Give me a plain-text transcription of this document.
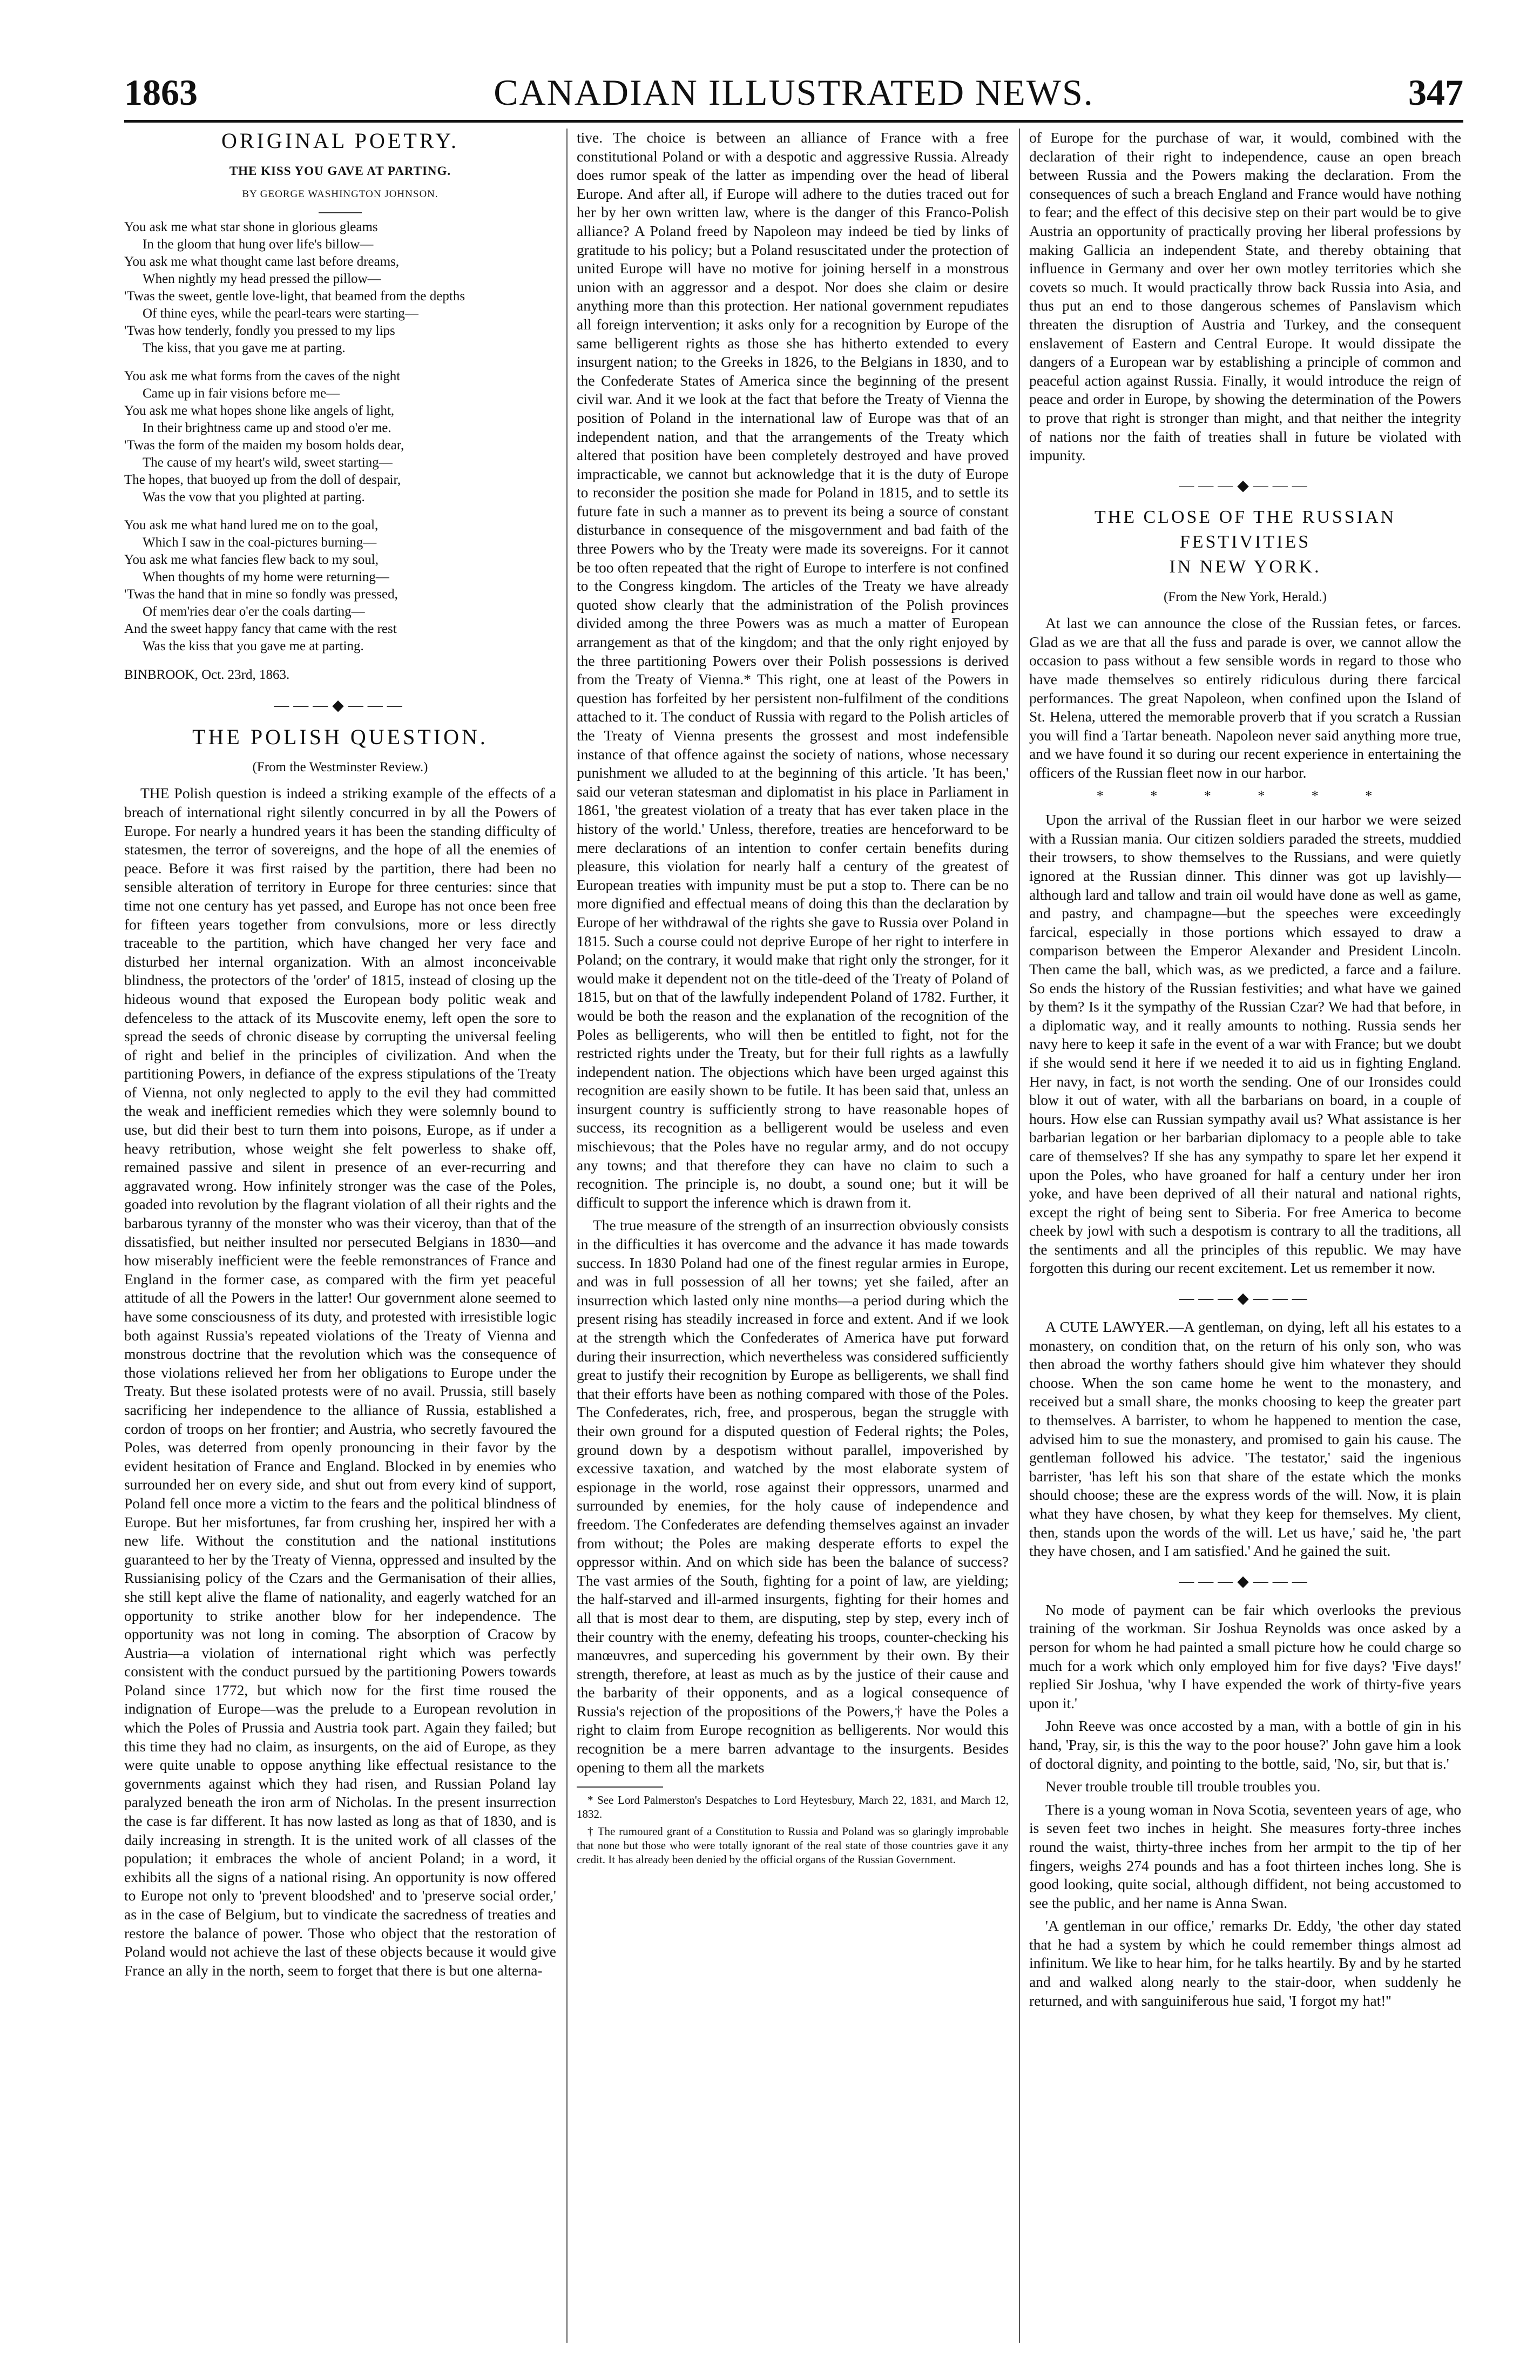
1863	CANADIAN ILLUSTRATED NEWS.	347
ORIGINAL POETRY.
THE KISS YOU GAVE AT PARTING.
BY GEORGE WASHINGTON JOHNSON.
You ask me what star shone in glorious gleams
In the gloom that hung over life's billow—
You ask me what thought came last before dreams,
When nightly my head pressed the pillow—
'Twas the sweet, gentle love-light, that beamed from the depths
Of thine eyes, while the pearl-tears were starting—
'Twas how tenderly, fondly you pressed to my lips
The kiss, that you gave me at parting.
You ask me what forms from the caves of the night
Came up in fair visions before me—
You ask me what hopes shone like angels of light,
In their brightness came up and stood o'er me.
'Twas the form of the maiden my bosom holds dear,
The cause of my heart's wild, sweet starting—
The hopes, that buoyed up from the doll of despair,
Was the vow that you plighted at parting.
You ask me what hand lured me on to the goal,
Which I saw in the coal-pictures burning—
You ask me what fancies flew back to my soul,
When thoughts of my home were returning—
'Twas the hand that in mine so fondly was pressed,
Of mem'ries dear o'er the coals darting—
And the sweet happy fancy that came with the rest
Was the kiss that you gave me at parting.
BINBROOK, Oct. 23rd, 1863.
———◆———
THE POLISH QUESTION.
(From the Westminster Review.)

THE Polish question is indeed a striking example of the effects of a breach of international right silently concurred in by all the Powers of Europe. For nearly a hundred years it has been the standing difficulty of statesmen, the terror of sovereigns, and the hope of all the enemies of peace. Before it was first raised by the partition, there had been no sensible alteration of territory in Europe for three centuries: since that time not one century has yet passed, and Europe has not once been free for fifteen years together from convulsions, more or less directly traceable to the partition, which have changed her very face and disturbed her internal organization. With an almost inconceivable blindness, the protectors of the 'order' of 1815, instead of closing up the hideous wound that exposed the European body politic weak and defenceless to the attack of its Muscovite enemy, left open the sore to spread the seeds of chronic disease by corrupting the universal feeling of right and belief in the principles of civilization. And when the partitioning Powers, in defiance of the express stipulations of the Treaty of Vienna, not only neglected to apply to the evil they had committed the weak and inefficient remedies which they were solemnly bound to use, but did their best to turn them into poisons, Europe, as if under a heavy retribution, whose weight she felt powerless to shake off, remained passive and silent in presence of an ever-recurring and aggravated wrong. How infinitely stronger was the case of the Poles, goaded into revolution by the flagrant violation of all their rights and the barbarous tyranny of the monster who was their viceroy, than that of the dissatisfied, but neither insulted nor persecuted Belgians in 1830—and how miserably inefficient were the feeble remonstrances of France and England in the former case, as compared with the firm yet peaceful attitude of all the Powers in the latter! Our government alone seemed to have some consciousness of its duty, and protested with irresistible logic both against Russia's repeated violations of the Treaty of Vienna and monstrous doctrine that the revolution which was the consequence of those violations relieved her from her obligations to Europe under the Treaty. But these isolated protests were of no avail. Prussia, still basely sacrificing her independence to the alliance of Russia, established a cordon of troops on her frontier; and Austria, who secretly favoured the Poles, was deterred from openly pronouncing in their favor by the evident hesitation of France and England. Blocked in by enemies who surrounded her on every side, and shut out from every kind of support, Poland fell once more a victim to the fears and the political blindness of Europe. But her misfortunes, far from crushing her, inspired her with a new life. Without the constitution and the national institutions guaranteed to her by the Treaty of Vienna, oppressed and insulted by the Russianising policy of the Czars and the Germanisation of their allies, she still kept alive the flame of nationality, and eagerly watched for an opportunity to strike another blow for her independence. The opportunity was not long in coming. The absorption of Cracow by Austria—a violation of international right which was perfectly consistent with the conduct pursued by the partitioning Powers towards Poland since 1772, but which now for the first time roused the indignation of Europe—was the prelude to a European revolution in which the Poles of Prussia and Austria took part. Again they failed; but this time they had no claim, as insurgents, on the aid of Europe, as they were quite unable to oppose anything like effectual resistance to the governments against which they had risen, and Russian Poland lay paralyzed beneath the iron arm of Nicholas. In the present insurrection the case is far different. It has now lasted as long as that of 1830, and is daily increasing in strength. It is the united work of all classes of the population; it embraces the whole of ancient Poland; in a word, it exhibits all the signs of a national rising. An opportunity is now offered to Europe not only to 'prevent bloodshed' and to 'preserve social order,' as in the case of Belgium, but to vindicate the sacredness of treaties and restore the balance of power. Those who object that the restoration of Poland would not achieve the last of these objects because it would give France an ally in the north, seem to forget that there is but one alterna-

tive. The choice is between an alliance of France with a free constitutional Poland or with a despotic and aggressive Russia. Already does rumor speak of the latter as impending over the head of liberal Europe. And after all, if Europe will adhere to the duties traced out for her by her own written law, where is the danger of this Franco-Polish alliance? A Poland freed by Napoleon may indeed be tied by links of gratitude to his policy; but a Poland resuscitated under the protection of united Europe will have no motive for joining herself in a monstrous union with an aggressor and a despot. Nor does she claim or desire anything more than this protection. Her national government repudiates all foreign intervention; it asks only for a recognition by Europe of the same belligerent rights as those she has hitherto extended to every insurgent nation; to the Greeks in 1826, to the Belgians in 1830, and to the Confederate States of America since the beginning of the present civil war. And it we look at the fact that before the Treaty of Vienna the position of Poland in the international law of Europe was that of an independent nation, and that the arrangements of the Treaty which altered that position have been completely destroyed and have proved impracticable, we cannot but acknowledge that it is the duty of Europe to reconsider the position she made for Poland in 1815, and to settle its future fate in such a manner as to prevent its being a source of constant disturbance in consequence of the misgovernment and bad faith of the three Powers who by the Treaty were made its sovereigns. For it cannot be too often repeated that the right of Europe to interfere is not confined to the Congress kingdom. The articles of the Treaty we have already quoted show clearly that the administration of the Polish provinces divided among the three Powers was as much a matter of European arrangement as that of the kingdom; and that the only right enjoyed by the three partitioning Powers over their Polish possessions is derived from the Treaty of Vienna.* This right, one at least of the Powers in question has forfeited by her persistent non-fulfilment of the conditions attached to it. The conduct of Russia with regard to the Polish articles of the Treaty of Vienna presents the grossest and most indefensible instance of that offence against the society of nations, whose necessary punishment we alluded to at the beginning of this article. 'It has been,' said our veteran statesman and diplomatist in his place in Parliament in 1861, 'the greatest violation of a treaty that has ever taken place in the history of the world.' Unless, therefore, treaties are henceforward to be mere declarations of an intention to confer certain benefits during pleasure, this violation for nearly half a century of the greatest of European treaties with impunity must be put a stop to. There can be no more dignified and effectual means of doing this than the declaration by Europe of her withdrawal of the rights she gave to Russia over Poland in 1815. Such a course could not deprive Europe of her right to interfere in Poland; on the contrary, it would make that right only the stronger, for it would make it dependent not on the title-deed of the Treaty of Poland of 1815, but on that of the lawfully independent Poland of 1782. Further, it would be both the reason and the explanation of the recognition of the Poles as belligerents, who will then be entitled to fight, not for the restricted rights under the Treaty, but for their full rights as a lawfully independent nation. The objections which have been urged against this recognition are easily shown to be futile. It has been said that, unless an insurgent country is sufficiently strong to have reasonable hopes of success, its recognition as a belligerent would be useless and even mischievous; that the Poles have no regular army, and do not occupy any towns; and that therefore they can have no claim to such a recognition. The principle is, no doubt, a sound one; but it will be difficult to support the inference which is drawn from it.

The true measure of the strength of an insurrection obviously consists in the difficulties it has overcome and the advance it has made towards success. In 1830 Poland had one of the finest regular armies in Europe, and was in full possession of all her towns; yet she failed, after an insurrection which lasted only nine months—a period during which the present rising has steadily increased in force and extent. And if we look at the strength which the Confederates of America have put forward during their insurrection, which nevertheless was considered sufficiently great to justify their recognition by Europe as belligerents, we shall find that their efforts have been as nothing compared with those of the Poles. The Confederates, rich, free, and prosperous, began the struggle with their own ground for a disputed question of Federal rights; the Poles, ground down by a despotism without parallel, impoverished by excessive taxation, and watched by the most elaborate system of espionage in the world, rose against their oppressors, unarmed and surrounded by enemies, for the holy cause of independence and freedom. The Confederates are defending themselves against an invader from without; the Poles are making desperate efforts to expel the oppressor within. And on which side has been the balance of success? The vast armies of the South, fighting for a point of law, are yielding; the half-starved and ill-armed insurgents, fighting for their homes and all that is most dear to them, are disputing, step by step, every inch of their country with the enemy, defeating his troops, counter-checking his manœuvres, and superceding his government by their own. By their strength, therefore, at least as much as by the justice of their cause and the barbarity of their opponents, and as a logical consequence of Russia's rejection of the propositions of the Powers,† have the Poles a right to claim from Europe recognition as belligerents. Nor would this recognition be a mere barren advantage to the insurgents. Besides opening to them all the markets

* See Lord Palmerston's Despatches to Lord Heytesbury, March 22, 1831, and March 12, 1832.

† The rumoured grant of a Constitution to Russia and Poland was so glaringly improbable that none but those who were totally ignorant of the real state of those countries gave it any credit. It has already been denied by the official organs of the Russian Government.

of Europe for the purchase of war, it would, combined with the declaration of their right to independence, cause an open breach between Russia and the Powers making the declaration. From the consequences of such a breach England and France would have nothing to fear; and the effect of this decisive step on their part would be to give Austria an opportunity of practically proving her liberal professions by making Gallicia an independent State, and thereby obtaining that influence in Germany and over her own motley territories which she covets so much. It would practically throw back Russia into Asia, and thus put an end to those dangerous schemes of Panslavism which threaten the disruption of Austria and Turkey, and the consequent enslavement of Eastern and Central Europe. It would dissipate the dangers of a European war by establishing a principle of common and peaceful action against Russia. Finally, it would introduce the reign of peace and order in Europe, by showing the determination of the Powers to prove that right is stronger than might, and that neither the integrity of nations nor the faith of treaties shall in future be violated with impunity.

———◆———
THE CLOSE OF THE RUSSIAN FESTIVITIES
IN NEW YORK.
(From the New York, Herald.)

At last we can announce the close of the Russian fetes, or farces. Glad as we are that all the fuss and parade is over, we cannot allow the occasion to pass without a few sensible words in regard to those who have made themselves so entirely ridiculous during there farcical performances. The great Napoleon, when confined upon the Island of St. Helena, uttered the memorable proverb that if you scratch a Russian you will find a Tartar beneath. Napoleon never said anything more true, and we have found it so during our recent experience in entertaining the officers of the Russian fleet now in our harbor.

* * * * * *

Upon the arrival of the Russian fleet in our harbor we were seized with a Russian mania. Our citizen soldiers paraded the streets, muddied their trowsers, to show themselves to the Russians, and were quietly ignored at the Russian dinner. This dinner was got up lavishly—although lard and tallow and train oil would have done as well as game, and pastry, and champagne—but the speeches were exceedingly farcical, especially in those portions which essayed to draw a comparison between the Emperor Alexander and President Lincoln. Then came the ball, which was, as we predicted, a farce and a failure. So ends the history of the Russian festivities; and what have we gained by them? Is it the sympathy of the Russian Czar? We had that before, in a diplomatic way, and it really amounts to nothing. Russia sends her navy here to keep it safe in the event of a war with France; but we doubt if she would send it here if we needed it to aid us in fighting England. Her navy, in fact, is not worth the sending. One of our Ironsides could blow it out of water, with all the barbarians on board, in a couple of hours. How else can Russian sympathy avail us? What assistance is her barbarian legation or her barbarian diplomacy to a people able to take care of themselves? If she has any sympathy to spare let her expend it upon the Poles, who have groaned for half a century under her iron yoke, and have been deprived of all their natural and national rights, except the right of being sent to Siberia. For free America to become cheek by jowl with such a despotism is contrary to all the traditions, all the sentiments and all the principles of this republic. We may have forgotten this during our recent excitement. Let us remember it now.

———◆———

A CUTE LAWYER.—A gentleman, on dying, left all his estates to a monastery, on condition that, on the return of his only son, who was then abroad the worthy fathers should give him whatever they should choose. When the son came home he went to the monastery, and received but a small share, the monks choosing to keep the greater part to themselves. A barrister, to whom he happened to mention the case, advised him to sue the monastery, and promised to gain his cause. The gentleman followed his advice. 'The testator,' said the ingenious barrister, 'has left his son that share of the estate which the monks should choose; these are the express words of the will. Now, it is plain what they have chosen, by what they keep for themselves. My client, then, stands upon the words of the will. Let us have,' said he, 'the part they have chosen, and I am satisfied.' And he gained the suit.

———◆———

No mode of payment can be fair which overlooks the previous training of the workman. Sir Joshua Reynolds was once asked by a person for whom he had painted a small picture how he could charge so much for a work which only employed him for five days? 'Five days!' replied Sir Joshua, 'why I have expended the work of thirty-five years upon it.'

John Reeve was once accosted by a man, with a bottle of gin in his hand, 'Pray, sir, is this the way to the poor house?' John gave him a look of doctoral dignity, and pointing to the bottle, said, 'No, sir, but that is.'

Never trouble trouble till trouble troubles you.

There is a young woman in Nova Scotia, seventeen years of age, who is seven feet two inches in height. She measures forty-three inches round the waist, thirty-three inches from her armpit to the tip of her fingers, weighs 274 pounds and has a foot thirteen inches long. She is good looking, quite social, although diffident, not being accustomed to see the public, and her name is Anna Swan.

'A gentleman in our office,' remarks Dr. Eddy, 'the other day stated that he had a system by which he could remember things almost ad infinitum. We like to hear him, for he talks heartily. By and by he started and and walked along nearly to the stair-door, when suddenly he returned, and with sanguiniferous hue said, 'I forgot my hat!''
